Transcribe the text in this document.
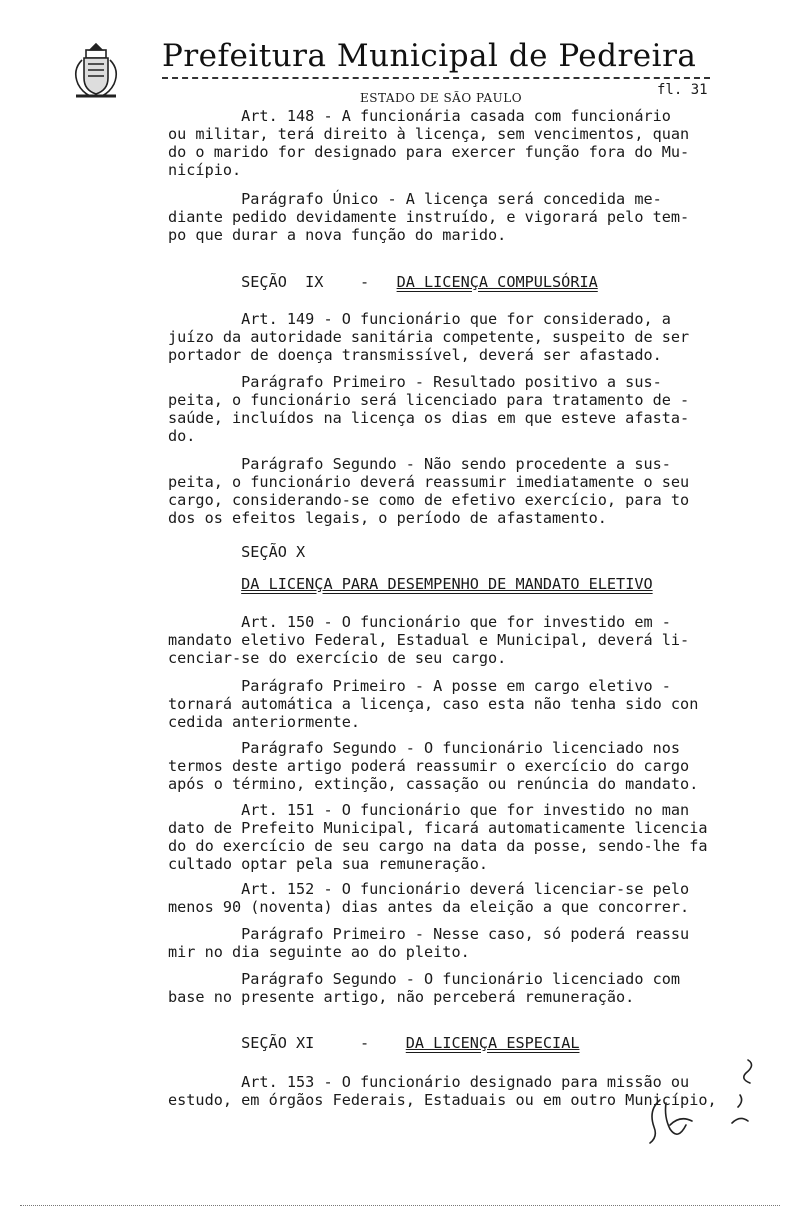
Prefeitura Municipal de Pedreira
ESTADO DE SÃO PAULO	fl. 31
Art. 148 - A funcionária casada com funcionário
ou militar, terá direito à licença, sem vencimentos, quan
do o marido for designado para exercer função fora do Mu-
nicípio.
Parágrafo Único - A licença será concedida me-
diante pedido devidamente instruído, e vigorará pelo tem-
po que durar a nova função do marido.
SEÇÃO  IX    -   DA LICENÇA COMPULSÓRIA
Art. 149 - O funcionário que for considerado, a
juízo da autoridade sanitária competente, suspeito de ser
portador de doença transmissível, deverá ser afastado.
Parágrafo Primeiro - Resultado positivo a sus-
peita, o funcionário será licenciado para tratamento de -
saúde, incluídos na licença os dias em que esteve afasta-
do.
Parágrafo Segundo - Não sendo procedente a sus-
peita, o funcionário deverá reassumir imediatamente o seu
cargo, considerando-se como de efetivo exercício, para to
dos os efeitos legais, o período de afastamento.
SEÇÃO X
DA LICENÇA PARA DESEMPENHO DE MANDATO ELETIVO
Art. 150 - O funcionário que for investido em -
mandato eletivo Federal, Estadual e Municipal, deverá li-
cenciar-se do exercício de seu cargo.
Parágrafo Primeiro - A posse em cargo eletivo -
tornará automática a licença, caso esta não tenha sido con
cedida anteriormente.
Parágrafo Segundo - O funcionário licenciado nos
termos deste artigo poderá reassumir o exercício do cargo
após o término, extinção, cassação ou renúncia do mandato.
Art. 151 - O funcionário que for investido no man
dato de Prefeito Municipal, ficará automaticamente licencia
do do exercício de seu cargo na data da posse, sendo-lhe fa
cultado optar pela sua remuneração.
Art. 152 - O funcionário deverá licenciar-se pelo
menos 90 (noventa) dias antes da eleição a que concorrer.
Parágrafo Primeiro - Nesse caso, só poderá reassu
mir no dia seguinte ao do pleito.
Parágrafo Segundo - O funcionário licenciado com
base no presente artigo, não perceberá remuneração.
SEÇÃO XI     -    DA LICENÇA ESPECIAL
Art. 153 - O funcionário designado para missão ou
estudo, em órgãos Federais, Estaduais ou em outro Município,
